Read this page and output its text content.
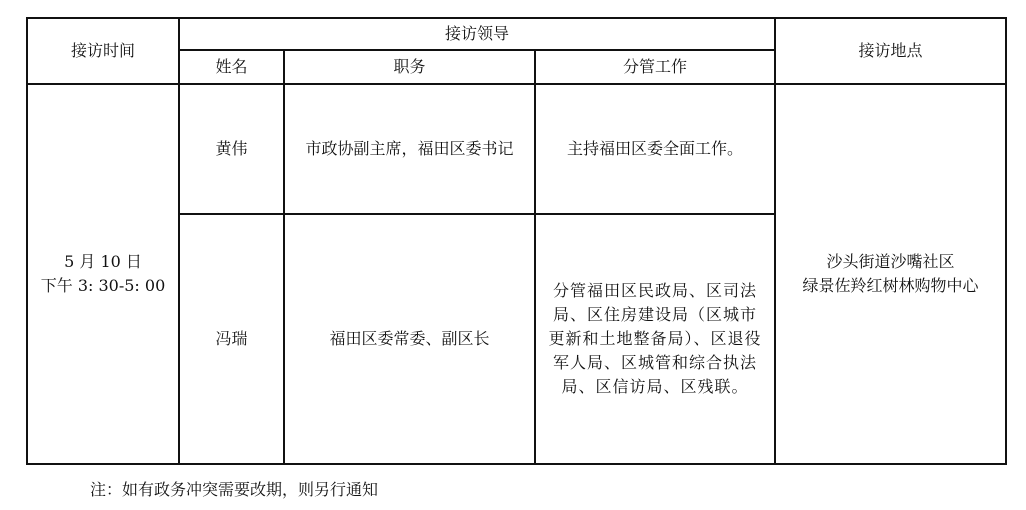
接访时间	接访领导			接访地点
	姓名	职务	分管工作	

5 月 10 日
下午 3: 30-5: 00	黄伟	市政协副主席，福田区委书记	主持福田区委全面工作。	沙头街道沙嘴社区
绿景佐羚红树林购物中心

	冯瑞	福田区委常委、副区长	分管福田区民政局、区司法
局、区住房建设局（区城市
更新和土地整备局）、区退役
军人局、区城管和综合执法
局、区信访局、区残联。	
注：如有政务冲突需要改期，则另行通知
